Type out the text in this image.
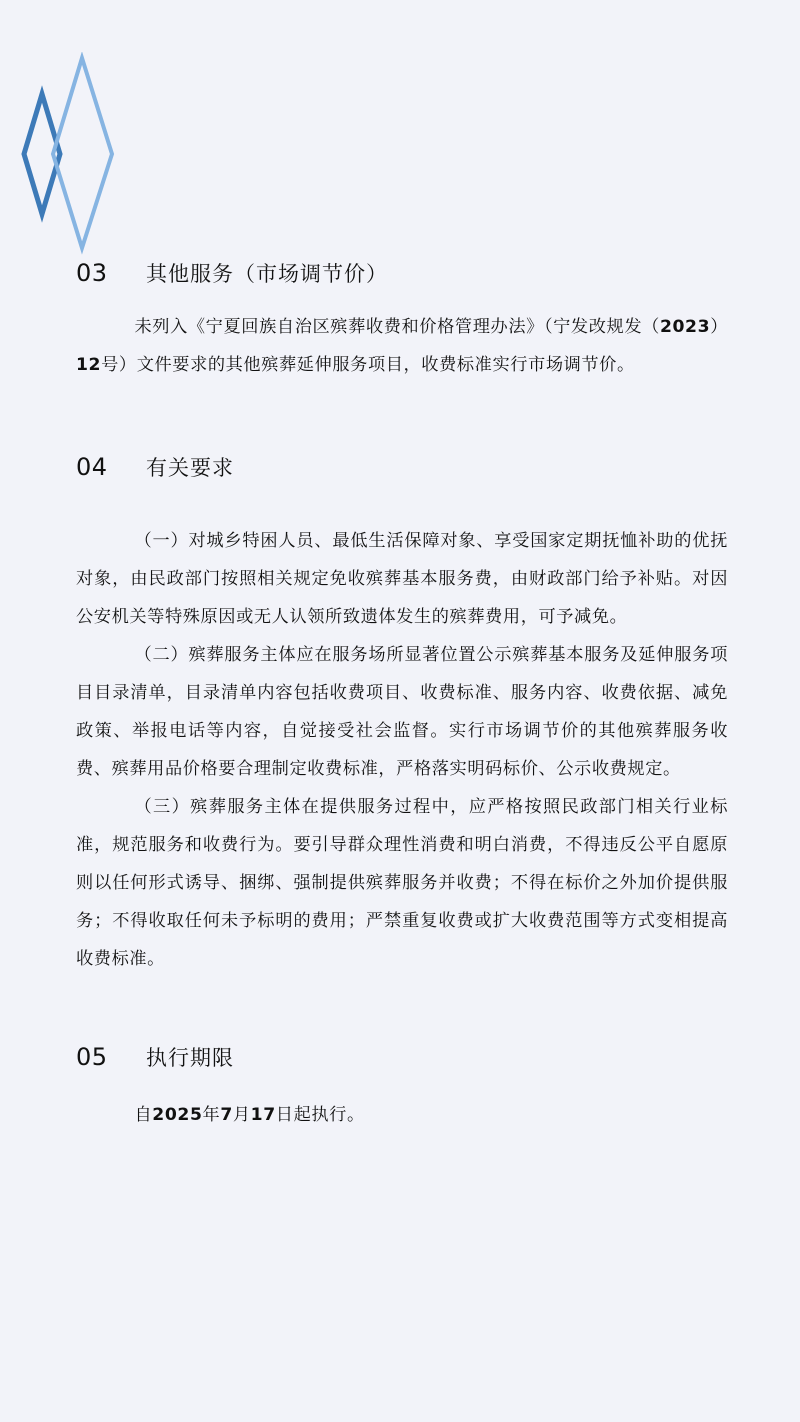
03	其他服务（市场调节价）

未列入《宁夏回族自治区殡葬收费和价格管理办法》（宁发改规发（2023）12号）文件要求的其他殡葬延伸服务项目，收费标准实行市场调节价。

04	有关要求

（一）对城乡特困人员、最低生活保障对象、享受国家定期抚恤补助的优抚对象，由民政部门按照相关规定免收殡葬基本服务费，由财政部门给予补贴。对因公安机关等特殊原因或无人认领所致遗体发生的殡葬费用，可予减免。

（二）殡葬服务主体应在服务场所显著位置公示殡葬基本服务及延伸服务项目目录清单，目录清单内容包括收费项目、收费标准、服务内容、收费依据、减免政策、举报电话等内容，自觉接受社会监督。实行市场调节价的其他殡葬服务收费、殡葬用品价格要合理制定收费标准，严格落实明码标价、公示收费规定。

（三）殡葬服务主体在提供服务过程中，应严格按照民政部门相关行业标准，规范服务和收费行为。要引导群众理性消费和明白消费，不得违反公平自愿原则以任何形式诱导、捆绑、强制提供殡葬服务并收费；不得在标价之外加价提供服务；不得收取任何未予标明的费用；严禁重复收费或扩大收费范围等方式变相提高收费标准。

05	执行期限

自2025年7月17日起执行。
